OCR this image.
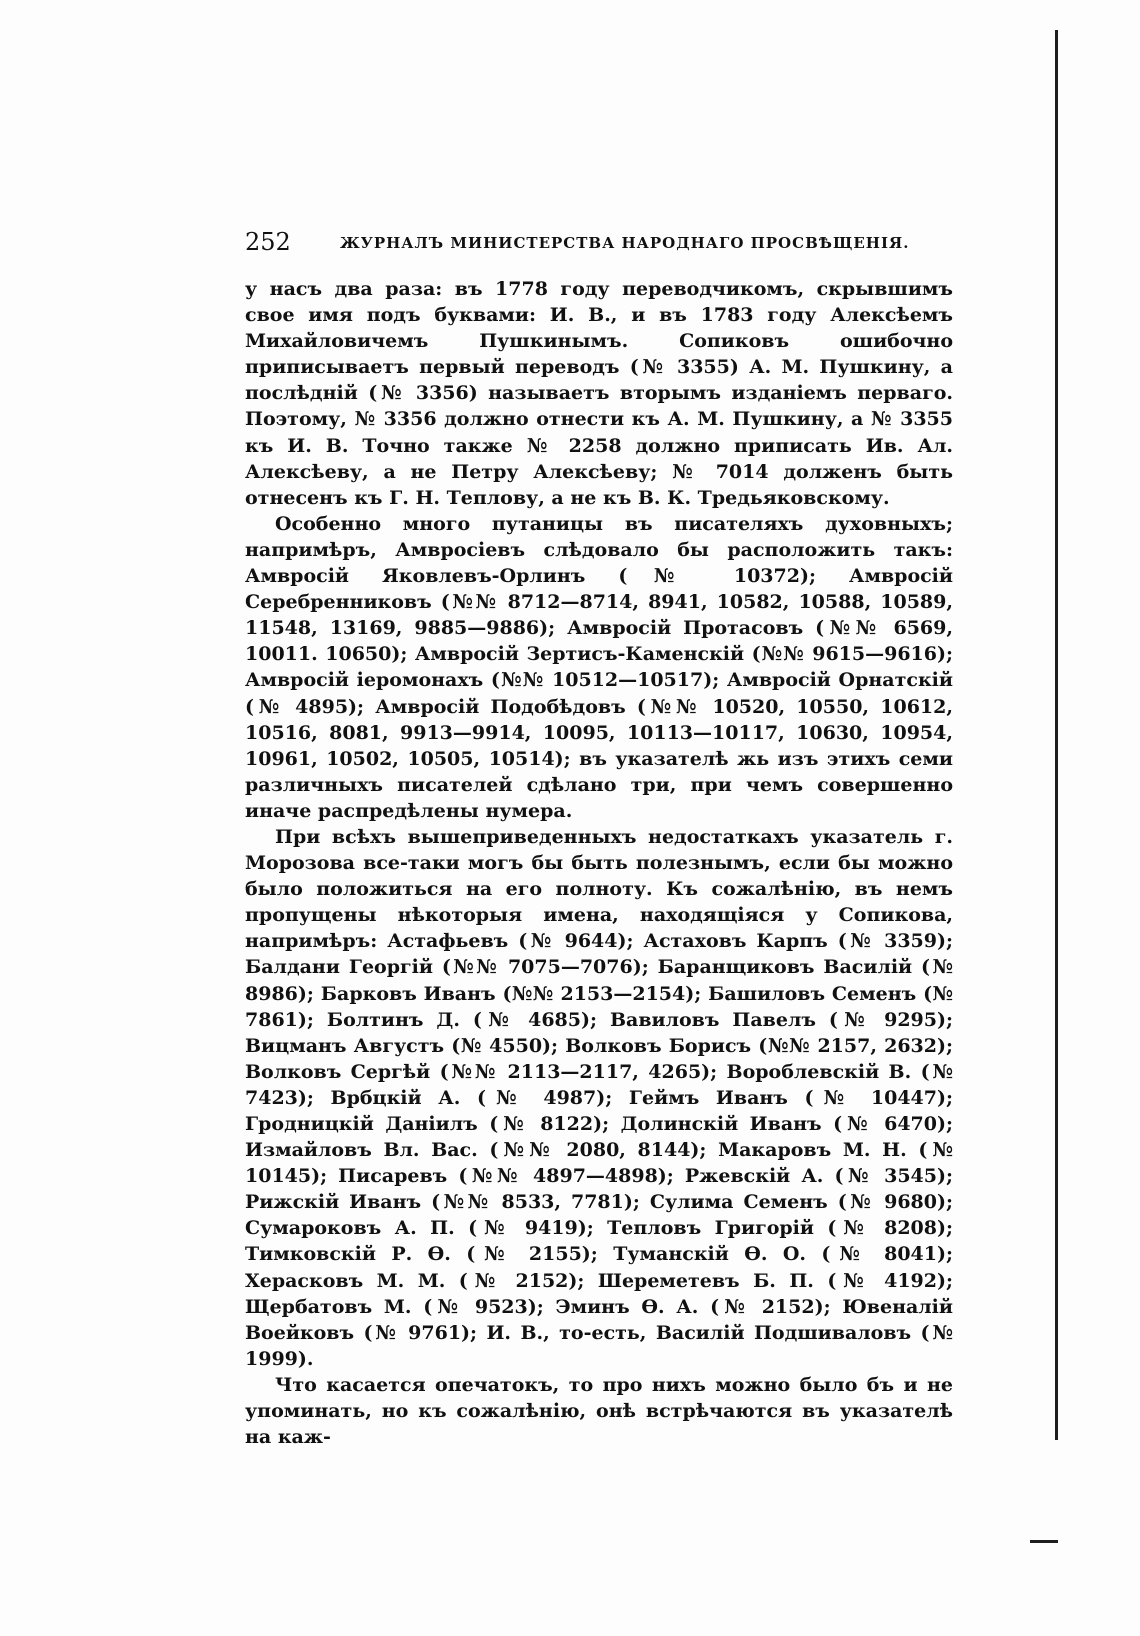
252	ЖУРНАЛЪ МИНИСТЕРСТВА НАРОДНАГО ПРОСВѢЩЕНІЯ.

у насъ два раза: въ 1778 году переводчикомъ, скрывшимъ свое имя подъ буквами: И. В., и въ 1783 году Алексѣемъ Михайловичемъ Пушкинымъ. Сопиковъ ошибочно приписываетъ первый переводъ (№ 3355) А. М. Пушкину, а послѣдній (№ 3356) называетъ вторымъ изданіемъ перваго. Поэтому, № 3356 должно отнести къ А. М. Пушкину, а № 3355 къ И. В. Точно также № 2258 должно приписать Ив. Ал. Алексѣеву, а не Петру Алексѣеву; № 7014 долженъ быть отнесенъ къ Г. Н. Теплову, а не къ В. К. Тредьяковскому.

Особенно много путаницы въ писателяхъ духовныхъ; напримѣръ, Амвросіевъ слѣдовало бы расположить такъ: Амвросій Яковлевъ-Орлинъ (№ 10372); Амвросій Серебренниковъ (№№ 8712—8714, 8941, 10582, 10588, 10589, 11548, 13169, 9885—9886); Амвросій Протасовъ (№№ 6569, 10011. 10650); Амвросій Зертисъ-Каменскій (№№ 9615—9616); Амвросій іеромонахъ (№№ 10512—10517); Амвросій Орнатскій (№ 4895); Амвросій Подобѣдовъ (№№ 10520, 10550, 10612, 10516, 8081, 9913—9914, 10095, 10113—10117, 10630, 10954, 10961, 10502, 10505, 10514); въ указателѣ жь изъ этихъ семи различныхъ писателей сдѣлано три, при чемъ совершенно иначе распредѣлены нумера.

При всѣхъ вышеприведенныхъ недостаткахъ указатель г. Морозова все-таки могъ бы быть полезнымъ, если бы можно было положиться на его полноту. Къ сожалѣнію, въ немъ пропущены нѣкоторыя имена, находящіяся у Сопикова, напримѣръ: Астафьевъ (№ 9644); Астаховъ Карпъ (№ 3359); Балдани Георгій (№№ 7075—7076); Баранщиковъ Василій (№ 8986); Барковъ Иванъ (№№ 2153—2154); Башиловъ Семенъ (№ 7861); Болтинъ Д. (№ 4685); Вавиловъ Павелъ (№ 9295); Вицманъ Августъ (№ 4550); Волковъ Борисъ (№№ 2157, 2632); Волковъ Сергѣй (№№ 2113—2117, 4265); Вороблевскій В. (№ 7423); Врбцкій А. (№ 4987); Геймъ Иванъ (№ 10447); Гродницкій Даніилъ (№ 8122); Долинскій Иванъ (№ 6470); Измайловъ Вл. Вас. (№№ 2080, 8144); Макаровъ М. Н. (№ 10145); Писаревъ (№№ 4897—4898); Ржевскій А. (№ 3545); Рижскій Иванъ (№№ 8533, 7781); Сулима Семенъ (№ 9680); Сумароковъ А. П. (№ 9419); Тепловъ Григорій (№ 8208); Тимковскій Р. Ѳ. (№ 2155); Туманскій Ѳ. О. (№ 8041); Херасковъ М. М. (№ 2152); Шереметевъ Б. П. (№ 4192); Щербатовъ М. (№ 9523); Эминъ Ѳ. А. (№ 2152); Ювеналій Воейковъ (№ 9761); И. В., то-есть, Василій Подшиваловъ (№ 1999).

Что касается опечатокъ, то про нихъ можно было бъ и не упоминать, но къ сожалѣнію, онѣ встрѣчаются въ указателѣ на каж-
